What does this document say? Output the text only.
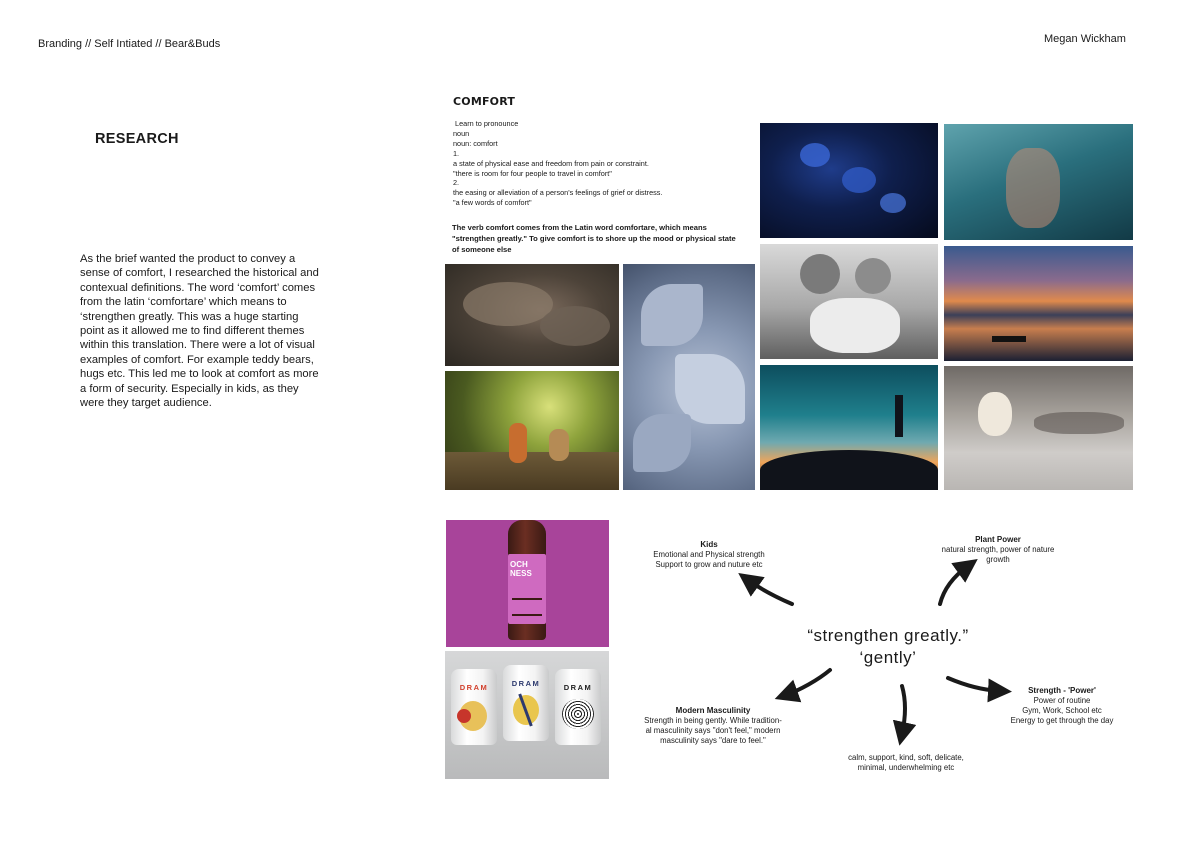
Branding // Self Intiated // Bear&Buds	Megan Wickham
RESEARCH
As the brief wanted the product to convey a sense of comfort, I researched the historical and contexual definitions. The word ‘comfort’ comes from the latin ‘comfortare’ which means to ‘strengthen greatly. This was a huge starting point as it allowed me to find different themes within this translation. There were a lot of visual examples of comfort. For example teddy bears, hugs etc. This led me to look at comfort as more a form of security. Especially in kids, as they were they target audience.
COMFORT
Learn to pronounce
noun
noun: comfort
1.
a state of physical ease and freedom from pain or constraint.
"there is room for four people to travel in comfort"
2.
the easing or alleviation of a person's feelings of grief or distress.
"a few words of comfort"
The verb comfort comes from the Latin word comfortare, which means "strengthen greatly." To give comfort is to shore up the mood or physical state of someone else
OCH
NESS
DRAM	DRAM	DRAM
“strengthen greatly.”
‘gently’
Kids
Emotional and Physical strength
Support to grow and nuture etc
Plant Power
natural strength, power of nature
growth
Modern Masculinity
Strength in being gently. While tradition-
al masculinity says "don't feel," modern
masculinity says "dare to feel."
calm, support, kind, soft, delicate,
minimal, underwhelming etc
Strength - 'Power'
Power of routine
Gym, Work, School etc
Energy to get through the day
